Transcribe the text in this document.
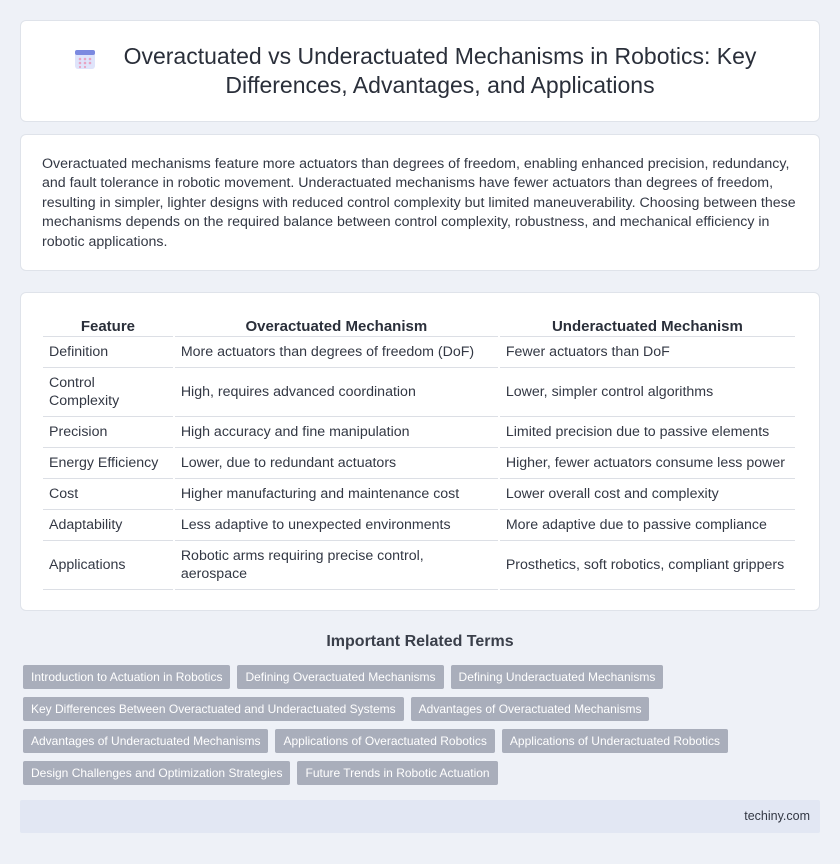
Overactuated vs Underactuated Mechanisms in Robotics: Key Differences, Advantages, and Applications

Overactuated mechanisms feature more actuators than degrees of freedom, enabling enhanced precision, redundancy, and fault tolerance in robotic movement. Underactuated mechanisms have fewer actuators than degrees of freedom, resulting in simpler, lighter designs with reduced control complexity but limited maneuverability. Choosing between these mechanisms depends on the required balance between control complexity, robustness, and mechanical efficiency in robotic applications.

Feature	Overactuated Mechanism	Underactuated Mechanism
Definition	More actuators than degrees of freedom (DoF)	Fewer actuators than DoF
Control Complexity	High, requires advanced coordination	Lower, simpler control algorithms
Precision	High accuracy and fine manipulation	Limited precision due to passive elements
Energy Efficiency	Lower, due to redundant actuators	Higher, fewer actuators consume less power
Cost	Higher manufacturing and maintenance cost	Lower overall cost and complexity
Adaptability	Less adaptive to unexpected environments	More adaptive due to passive compliance
Applications	Robotic arms requiring precise control, aerospace	Prosthetics, soft robotics, compliant grippers
Important Related Terms
Introduction to Actuation in Robotics	Defining Overactuated Mechanisms	Defining Underactuated Mechanisms
Key Differences Between Overactuated and Underactuated Systems	Advantages of Overactuated Mechanisms
Advantages of Underactuated Mechanisms	Applications of Overactuated Robotics	Applications of Underactuated Robotics
Design Challenges and Optimization Strategies	Future Trends in Robotic Actuation
techiny.com
